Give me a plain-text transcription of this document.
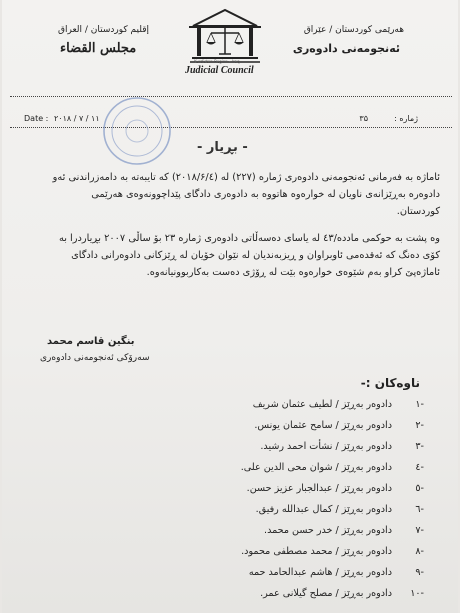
هەرێمی کوردستان / عێراق
ئەنجومەنی دادوەری
إقليم كوردستان / العراق
مجلس القضاء
Kurdistan Region - Iraq
Judicial Council
Date : ۲۰۱۸ / ۷ / ۱۱	ژمارە :
۳۵
- بڕیار -
ئاماژە بە فەرمانی ئەنجومەنی دادوەری ژمارە (۲۲۷) لە (۲۰۱۸/۶/٤) کە تایبەتە بە دامەزراندنی ئەو
دادوەرە بەڕێزانەی ناویان لە خوارەوە هاتووە بە دادوەری دادگای پێداچوونەوەی هەرێمی
کوردستان.
وە پشت بە حوکمی ماددە/٤٣ لە یاسای دەسەڵاتی دادوەری ژمارە ۲۳ بۆ ساڵی ۲۰۰۷ بڕیاردرا بە
کۆی دەنگ کە ئەقدەمی ئاوبراوان و ڕیزبەندیان لە نێوان خۆیان لە ڕێزکانی دادوەرانی دادگای
ئاماژەپێ کراو بەم شێوەی خوارەوە بێت لە ڕۆژی دەست بەکاربوونیانەوە.
بنگین قاسم محمد
سەرۆکی ئەنجومەنی دادوەری
ناوەکان :-
-۱
دادوەر بەڕێز / لطیف عثمان شریف
-۲
دادوەر بەڕێز / سامح عثمان یونس.
-۳
دادوەر بەڕێز / نشأت احمد رشید.
-٤
دادوەر بەڕێز / شوان محی الدین علی.
-٥
دادوەر بەڕێز / عبدالجبار عزیز حسن.
-٦
دادوەر بەڕێز / کمال عبداللە رفیق.
-۷
دادوەر بەڕێز / خدر حسن محمد.
-۸
دادوەر بەڕێز / محمد مصطفی محمود.
-۹
دادوەر بەڕێز / هاشم عبدالحامد حمە
-۱۰
دادوەر بەڕێز / مصلح گیلانی عمر.
